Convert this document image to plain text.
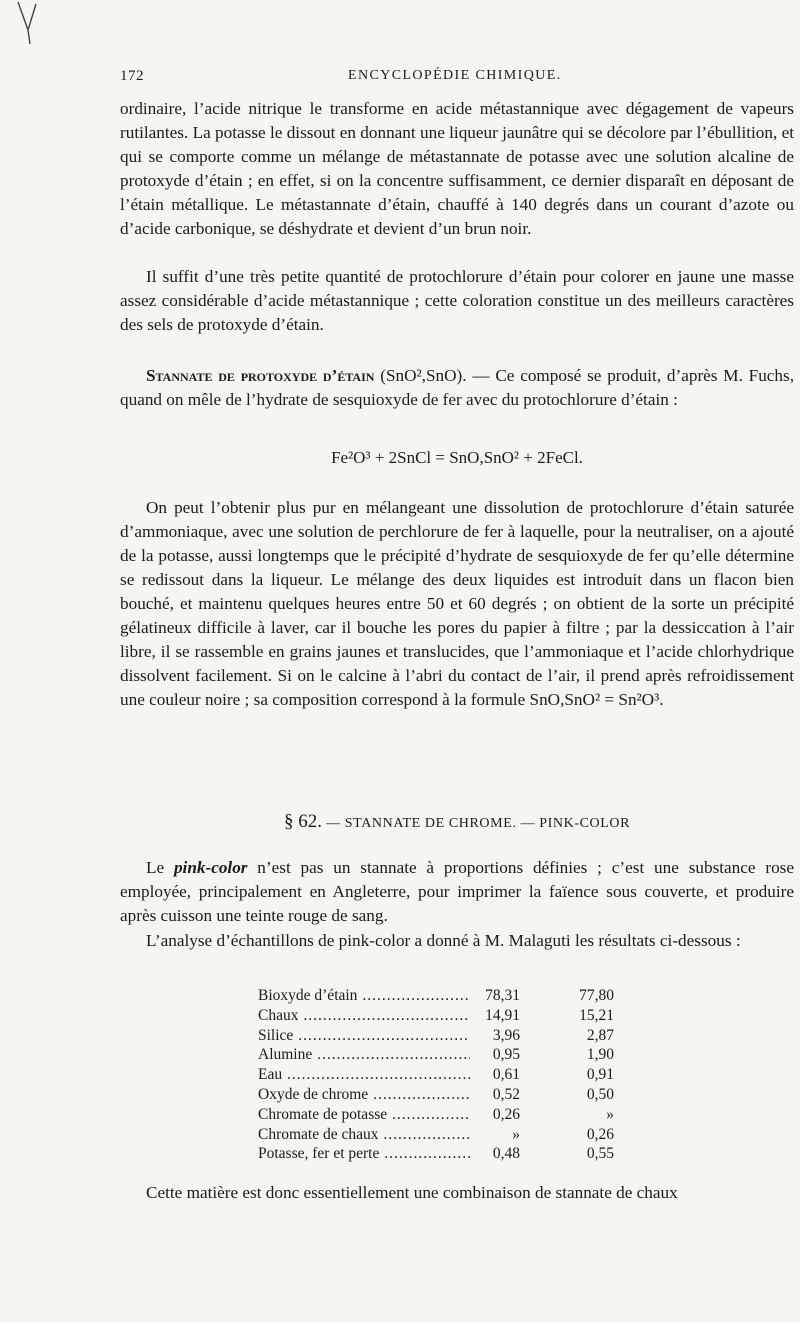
172	ENCYCLOPÉDIE CHIMIQUE.

ordinaire, l’acide nitrique le transforme en acide métastannique avec dégagement de vapeurs rutilantes. La potasse le dissout en donnant une liqueur jaunâtre qui se décolore par l’ébullition, et qui se comporte comme un mélange de métastannate de potasse avec une solution alcaline de protoxyde d’étain ; en effet, si on la concentre suffisamment, ce dernier disparaît en déposant de l’étain métallique. Le métastannate d’étain, chauffé à 140 degrés dans un courant d’azote ou d’acide carbonique, se déshydrate et devient d’un brun noir.

Il suffit d’une très petite quantité de protochlorure d’étain pour colorer en jaune une masse assez considérable d’acide métastannique ; cette coloration constitue un des meilleurs caractères des sels de protoxyde d’étain.

Stannate de protoxyde d’étain (SnO²,SnO). — Ce composé se produit, d’après M. Fuchs, quand on mêle de l’hydrate de sesquioxyde de fer avec du protochlorure d’étain :

Fe²O³ + 2SnCl = SnO,SnO² + 2FeCl.

On peut l’obtenir plus pur en mélangeant une dissolution de protochlorure d’étain saturée d’ammoniaque, avec une solution de perchlorure de fer à laquelle, pour la neutraliser, on a ajouté de la potasse, aussi longtemps que le précipité d’hydrate de sesquioxyde de fer qu’elle détermine se redissout dans la liqueur. Le mélange des deux liquides est introduit dans un flacon bien bouché, et maintenu quelques heures entre 50 et 60 degrés ; on obtient de la sorte un précipité gélatineux difficile à laver, car il bouche les pores du papier à filtre ; par la dessiccation à l’air libre, il se rassemble en grains jaunes et translucides, que l’ammoniaque et l’acide chlorhydrique dissolvent facilement. Si on le calcine à l’abri du contact de l’air, il prend après refroidissement une couleur noire ; sa composition correspond à la formule SnO,SnO² = Sn²O³.

§ 62. — STANNATE DE CHROME. — PINK-COLOR

Le pink-color n’est pas un stannate à proportions définies ; c’est une substance rose employée, principalement en Angleterre, pour imprimer la faïence sous couverte, et produire après cuisson une teinte rouge de sang.

L’analyse d’échantillons de pink-color a donné à M. Malaguti les résultats ci-dessous :

Bioxyde d’étain .....	78,31	77,80
Chaux .....	14,91	15,21
Silice .....	3,96	2,87
Alumine .....	0,95	1,90
Eau .....	0,61	0,91
Oxyde de chrome .....	0,52	0,50
Chromate de potasse .....	0,26	»
Chromate de chaux .....	»	0,26
Potasse, fer et perte .....	0,48	0,55

Cette matière est donc essentiellement une combinaison de stannate de chaux
